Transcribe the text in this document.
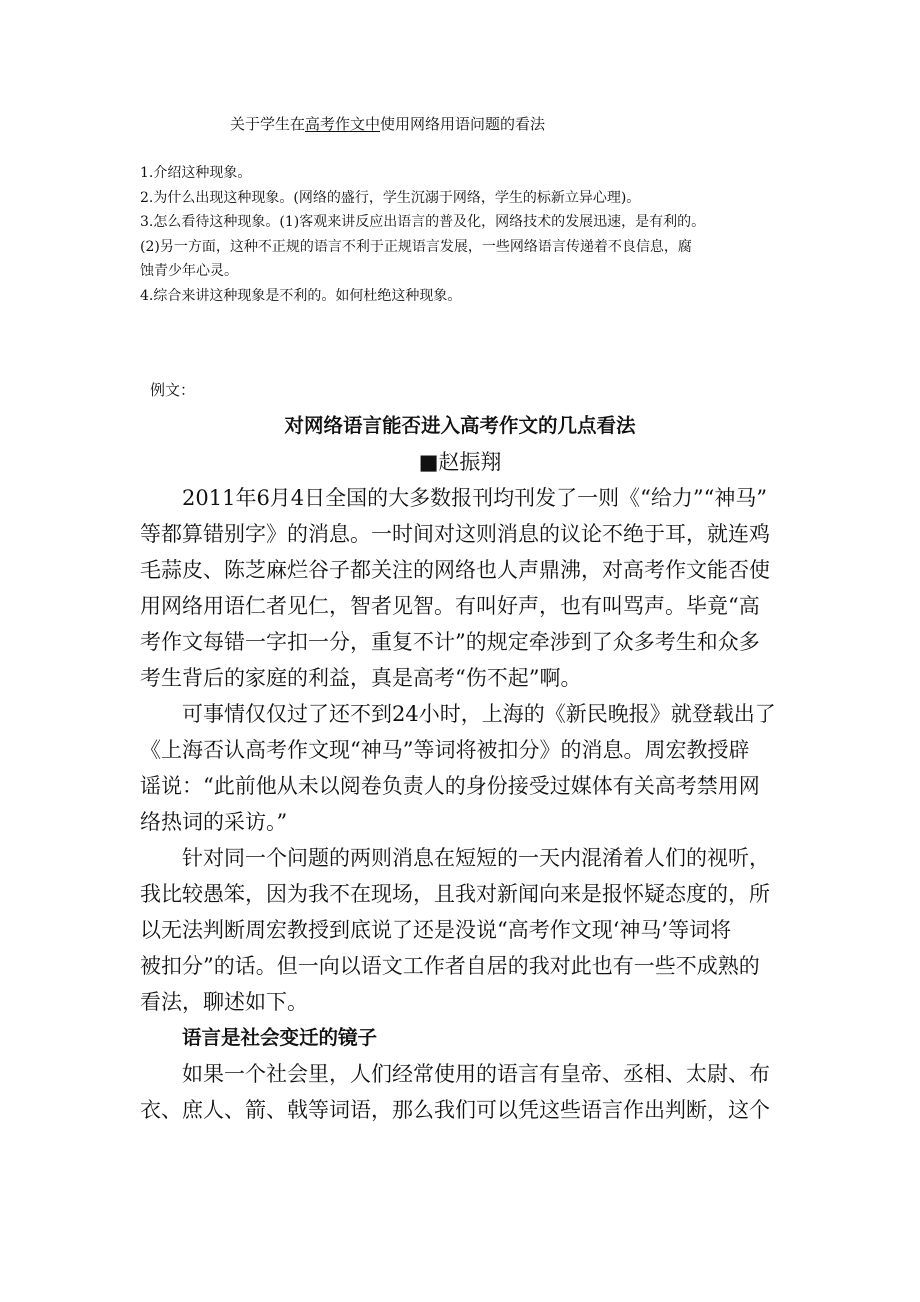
关于学生在高考作文中使用网络用语问题的看法
1.介绍这种现象。
2.为什么出现这种现象。(网络的盛行，学生沉溺于网络，学生的标新立异心理)。
3.怎么看待这种现象。(1)客观来讲反应出语言的普及化，网络技术的发展迅速，是有利的。
(2)另一方面，这种不正规的语言不利于正规语言发展，一些网络语言传递着不良信息，腐
蚀青少年心灵。
4.综合来讲这种现象是不利的。如何杜绝这种现象。
例文：
对网络语言能否进入高考作文的几点看法
■赵振翔
2011年6月4日全国的大多数报刊均刊发了一则《“给力”“神马”
等都算错别字》的消息。一时间对这则消息的议论不绝于耳，就连鸡
毛蒜皮、陈芝麻烂谷子都关注的网络也人声鼎沸，对高考作文能否使
用网络用语仁者见仁，智者见智。有叫好声，也有叫骂声。毕竟“高
考作文每错一字扣一分，重复不计”的规定牵涉到了众多考生和众多
考生背后的家庭的利益，真是高考“伤不起”啊。
可事情仅仅过了还不到24小时，上海的《新民晚报》就登载出了
《上海否认高考作文现“神马”等词将被扣分》的消息。周宏教授辟
谣说：“此前他从未以阅卷负责人的身份接受过媒体有关高考禁用网
络热词的采访。”
针对同一个问题的两则消息在短短的一天内混淆着人们的视听，
我比较愚笨，因为我不在现场，且我对新闻向来是报怀疑态度的，所
以无法判断周宏教授到底说了还是没说“高考作文现‘神马’等词将
被扣分”的话。但一向以语文工作者自居的我对此也有一些不成熟的
看法，聊述如下。
语言是社会变迁的镜子
如果一个社会里，人们经常使用的语言有皇帝、丞相、太尉、布
衣、庶人、箭、戟等词语，那么我们可以凭这些语言作出判断，这个
